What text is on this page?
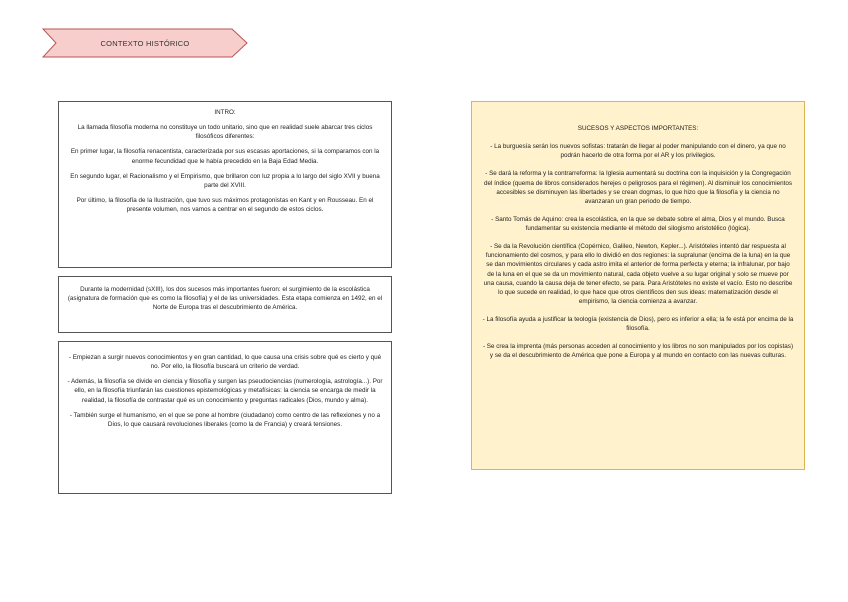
CONTEXTO HISTÓRICO

INTRO:

La llamada filosofía moderna no constituye un todo unitario, sino que en realidad suele abarcar tres ciclos filosóficos diferentes:

En primer lugar, la filosofía renacentista, caracterizada por sus escasas aportaciones, si la comparamos con la enorme fecundidad que le había precedido en la Baja Edad Media.

En segundo lugar, el Racionalismo y el Empirismo, que brillaron con luz propia a lo largo del siglo XVII y buena parte del XVIII.

Por último, la filosofía de la Ilustración, que tuvo sus máximos protagonistas en Kant y en Rousseau. En el presente volumen, nos vamos a centrar en el segundo de estos ciclos.

Durante la modernidad (sXIII), los dos sucesos más importantes fueron: el surgimiento de la escolástica (asignatura de formación que es como la filosofía) y el de las universidades. Esta etapa comienza en 1492, en el Norte de Europa tras el descubrimiento de América.

- Empiezan a surgir nuevos conocimientos y en gran cantidad, lo que causa una crisis sobre qué es cierto y qué no. Por ello, la filosofía buscará un criterio de verdad.

- Además, la filosofía se divide en ciencia y filosofía y surgen las pseudociencias (numerología, astrología...). Por ello, en la filosofía triunfarán las cuestiones epistemológicas y metafísicas: la ciencia se encarga de medir la realidad, la filosofía de contrastar qué es un conocimiento y preguntas radicales (Dios, mundo y alma).

- También surge el humanismo, en el que se pone al hombre (ciudadano) como centro de las reflexiones y no a Dios, lo que causará revoluciones liberales (como la de Francia) y creará tensiones.

SUCESOS Y ASPECTOS IMPORTANTES:

- La burguesía serán los nuevos sofistas: tratarán de llegar al poder manipulando con el dinero, ya que no podrán hacerlo de otra forma por el AR y los privilegios.

- Se dará la reforma y la contrarreforma: la Iglesia aumentará su doctrina con la inquisición y la Congregación del índice (quema de libros considerados herejes o peligrosos para el régimen). Al disminuir los conocimientos accesibles se disminuyen las libertades y se crean dogmas, lo que hizo que la filosofía y la ciencia no avanzaran un gran periodo de tiempo.

- Santo Tomás de Aquino: crea la escolástica, en la que se debate sobre el alma, Dios y el mundo. Busca fundamentar su existencia mediante el método del silogismo aristotélico (lógica).

- Se da la Revolución científica (Copérnico, Galileo, Newton, Kepler...). Aristóteles intentó dar respuesta al funcionamiento del cosmos, y para ello lo dividió en dos regiones: la supralunar (encima de la luna) en la que se dan movimientos circulares y cada astro imita el anterior de forma perfecta y eterna; la infralunar, por bajo de la luna en el que se da un movimiento natural, cada objeto vuelve a su lugar original y solo se mueve por una causa, cuando la causa deja de tener efecto, se para. Para Aristóteles no existe el vacío. Esto no describe lo que sucede en realidad, lo que hace que otros científicos den sus ideas: matematización desde el empirismo, la ciencia comienza a avanzar.

- La filosofía ayuda a justificar la teología (existencia de Dios), pero es inferior a ella; la fe está por encima de la filosofía.

- Se crea la imprenta (más personas acceden al conocimiento y los libros no son manipulados por los copistas) y se da el descubrimiento de América que pone a Europa y al mundo en contacto con las nuevas culturas.
